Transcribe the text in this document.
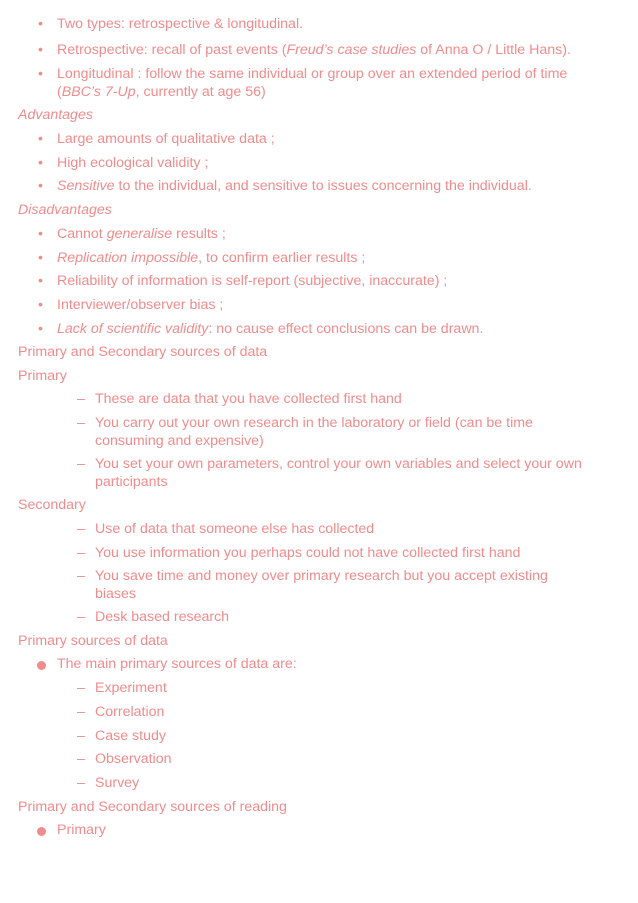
• Two types: retrospective & longitudinal.
• Retrospective: recall of past events (Freud’s case studies of Anna O / Little Hans).
• Longitudinal : follow the same individual or group over an extended period of time
(BBC’s 7-Up, currently at age 56)
Advantages
• Large amounts of qualitative data ;
• High ecological validity ;
• Sensitive to the individual, and sensitive to issues concerning the individual.
Disadvantages
• Cannot generalise results ;
• Replication impossible, to confirm earlier results ;
• Reliability of information is self-report (subjective, inaccurate) ;
• Interviewer/observer bias ;
• Lack of scientific validity: no cause effect conclusions can be drawn.
Primary and Secondary sources of data
Primary
– These are data that you have collected first hand
– You carry out your own research in the laboratory or field (can be time
consuming and expensive)
– You set your own parameters, control your own variables and select your own
participants
Secondary
– Use of data that someone else has collected
– You use information you perhaps could not have collected first hand
– You save time and money over primary research but you accept existing
biases
– Desk based research
Primary sources of data
The main primary sources of data are:
– Experiment
– Correlation
– Case study
– Observation
– Survey
Primary and Secondary sources of reading
Primary
